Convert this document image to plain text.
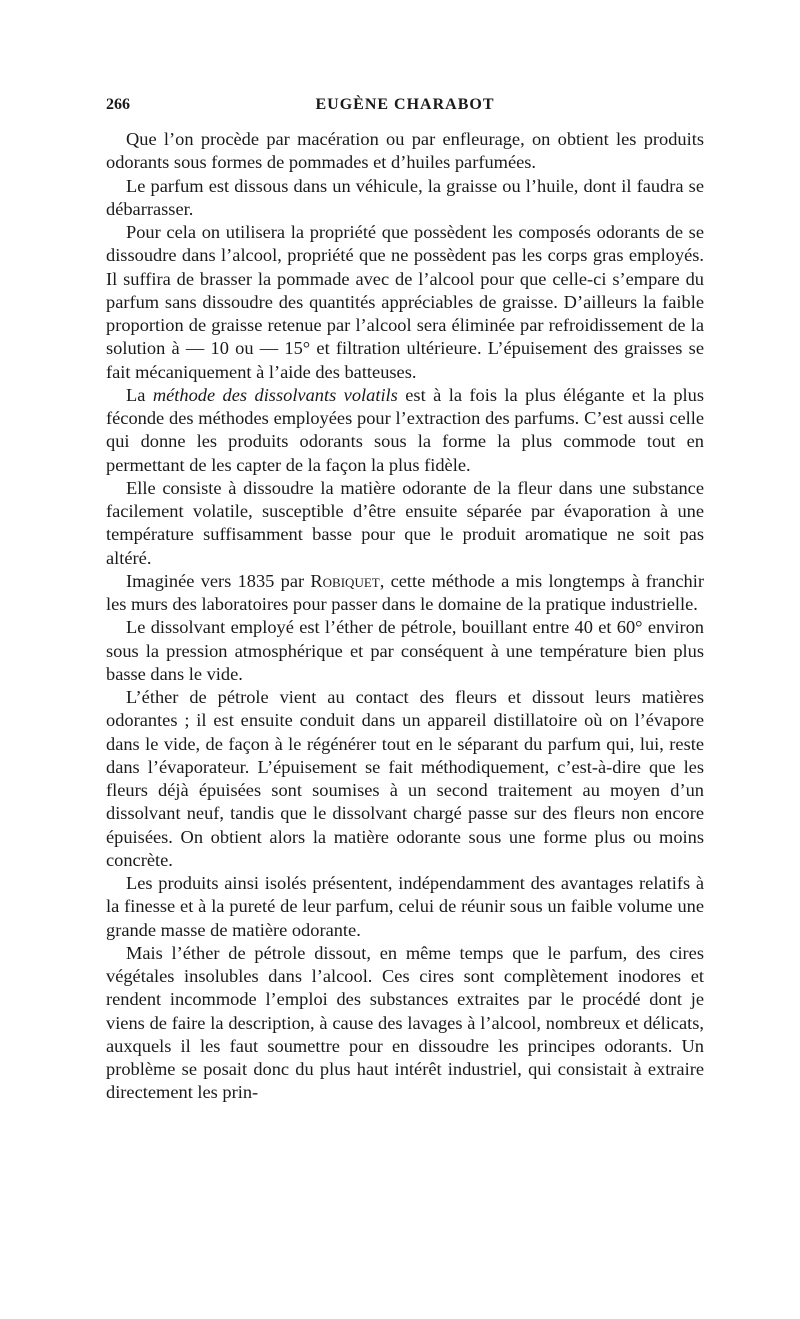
266	EUGÈNE CHARABOT

Que l’on procède par macération ou par enfleurage, on obtient les produits odorants sous formes de pommades et d’huiles parfumées.

Le parfum est dissous dans un véhicule, la graisse ou l’huile, dont il faudra se débarrasser.

Pour cela on utilisera la propriété que possèdent les composés odorants de se dissoudre dans l’alcool, propriété que ne possèdent pas les corps gras employés. Il suffira de brasser la pommade avec de l’alcool pour que celle-ci s’empare du parfum sans dissoudre des quantités appréciables de graisse. D’ailleurs la faible proportion de graisse retenue par l’alcool sera éliminée par refroidissement de la solution à — 10 ou — 15° et filtration ultérieure. L’épuisement des graisses se fait mécaniquement à l’aide des batteuses.

La méthode des dissolvants volatils est à la fois la plus élégante et la plus féconde des méthodes employées pour l’extraction des parfums. C’est aussi celle qui donne les produits odorants sous la forme la plus commode tout en permettant de les capter de la façon la plus fidèle.

Elle consiste à dissoudre la matière odorante de la fleur dans une substance facilement volatile, susceptible d’être ensuite séparée par évaporation à une température suffisamment basse pour que le produit aromatique ne soit pas altéré.

Imaginée vers 1835 par Robiquet, cette méthode a mis longtemps à franchir les murs des laboratoires pour passer dans le domaine de la pratique industrielle.

Le dissolvant employé est l’éther de pétrole, bouillant entre 40 et 60° environ sous la pression atmosphérique et par conséquent à une température bien plus basse dans le vide.

L’éther de pétrole vient au contact des fleurs et dissout leurs matières odorantes ; il est ensuite conduit dans un appareil distillatoire où on l’évapore dans le vide, de façon à le régénérer tout en le séparant du parfum qui, lui, reste dans l’évaporateur. L’épuisement se fait méthodiquement, c’est-à-dire que les fleurs déjà épuisées sont soumises à un second traitement au moyen d’un dissolvant neuf, tandis que le dissolvant chargé passe sur des fleurs non encore épuisées. On obtient alors la matière odorante sous une forme plus ou moins concrète.

Les produits ainsi isolés présentent, indépendamment des avantages relatifs à la finesse et à la pureté de leur parfum, celui de réunir sous un faible volume une grande masse de matière odorante.

Mais l’éther de pétrole dissout, en même temps que le parfum, des cires végétales insolubles dans l’alcool. Ces cires sont complètement inodores et rendent incommode l’emploi des substances extraites par le procédé dont je viens de faire la description, à cause des lavages à l’alcool, nombreux et délicats, auxquels il les faut soumettre pour en dissoudre les principes odorants. Un problème se posait donc du plus haut intérêt industriel, qui consistait à extraire directement les prin-
